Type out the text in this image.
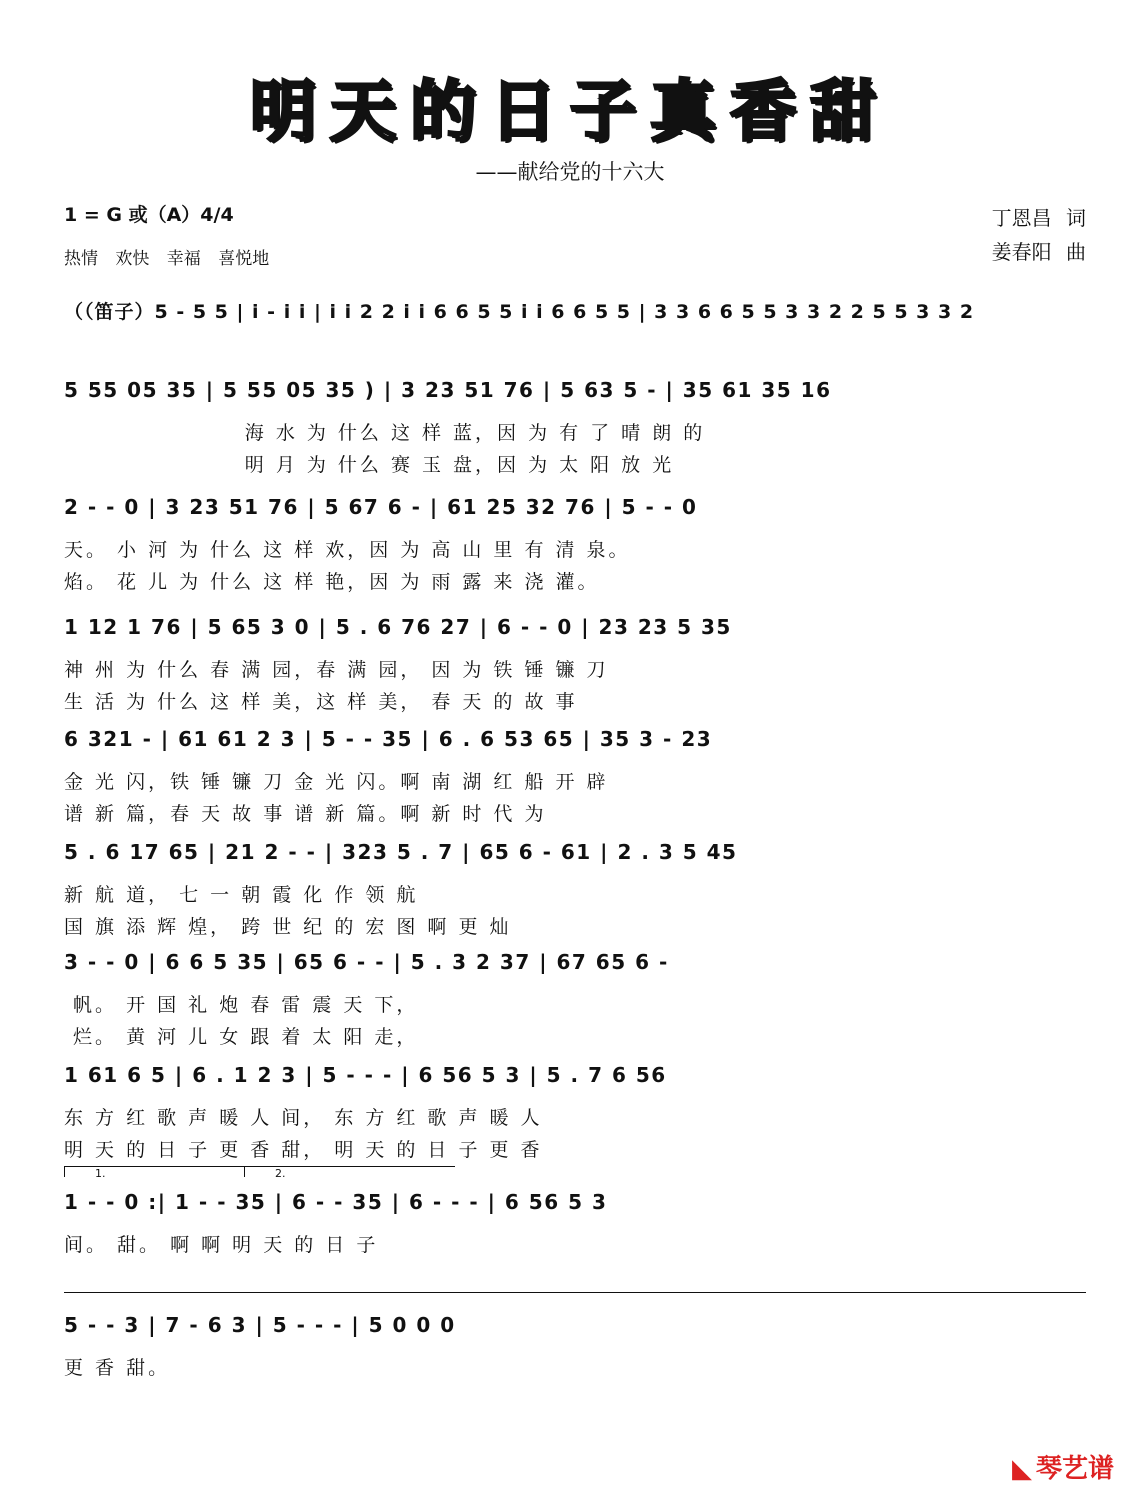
明天的日子真香甜
——献给党的十六大
1 = G 或（A）4/4
热情 欢快 幸福 喜悦地
丁恩昌 词
姜春阳 曲
（（笛子）5 - 5 5 | i - i i | i i 2 2 i i 6 6 5 5 i i 6 6 5 5 | 3 3 6 6 5 5 3 3 2 2 5 5 3 3 2
5 55 05 35 | 5 55 05 35 ) | 3 23 51 76 | 5 63 5 - | 35 61 35 16
海 水 为 什么 这 样 蓝，因 为 有 了 晴 朗 的
明 月 为 什么 赛 玉 盘，因 为 太 阳 放 光
2 - - 0 | 3 23 51 76 | 5 67 6 - | 61 25 32 76 | 5 - - 0
天。 小 河 为 什么 这 样 欢，因 为 高 山 里 有 清 泉。
焰。 花 儿 为 什么 这 样 艳，因 为 雨 露 来 浇 灌。
1 12 1 76 | 5 65 3 0 | 5 . 6 76 27 | 6 - - 0 | 23 23 5 35
神 州 为 什么 春 满 园，春 满 园， 因 为 铁 锤 镰 刀
生 活 为 什么 这 样 美，这 样 美， 春 天 的 故 事
6 321 - | 61 61 2 3 | 5 - - 35 | 6 . 6 53 65 | 35 3 - 23
金 光 闪，铁 锤 镰 刀 金 光 闪。啊 南 湖 红 船 开 辟
谱 新 篇，春 天 故 事 谱 新 篇。啊 新 时 代 为
5 . 6 17 65 | 21 2 - - | 323 5 . 7 | 65 6 - 61 | 2 . 3 5 45
新 航 道， 七 一 朝 霞 化 作 领 航
国 旗 添 辉 煌， 跨 世 纪 的 宏 图 啊 更 灿
3 - - 0 | 6 6 5 35 | 65 6 - - | 5 . 3 2 37 | 67 65 6 -
帆。 开 国 礼 炮 春 雷 震 天 下，
烂。 黄 河 儿 女 跟 着 太 阳 走，
1 61 6 5 | 6 . 1 2 3 | 5 - - - | 6 56 5 3 | 5 . 7 6 56
东 方 红 歌 声 暖 人 间， 东 方 红 歌 声 暖 人
明 天 的 日 子 更 香 甜， 明 天 的 日 子 更 香
1 - - 0 :| 1 - - 35 | 6 - - 35 | 6 - - - | 6 56 5 3
间。 甜。 啊 啊 明 天 的 日 子
5 - - 3 | 7 - 6 3 | 5 - - - | 5 0 0 0
更 香 甜。
1.	2.
◣ 琴艺谱
